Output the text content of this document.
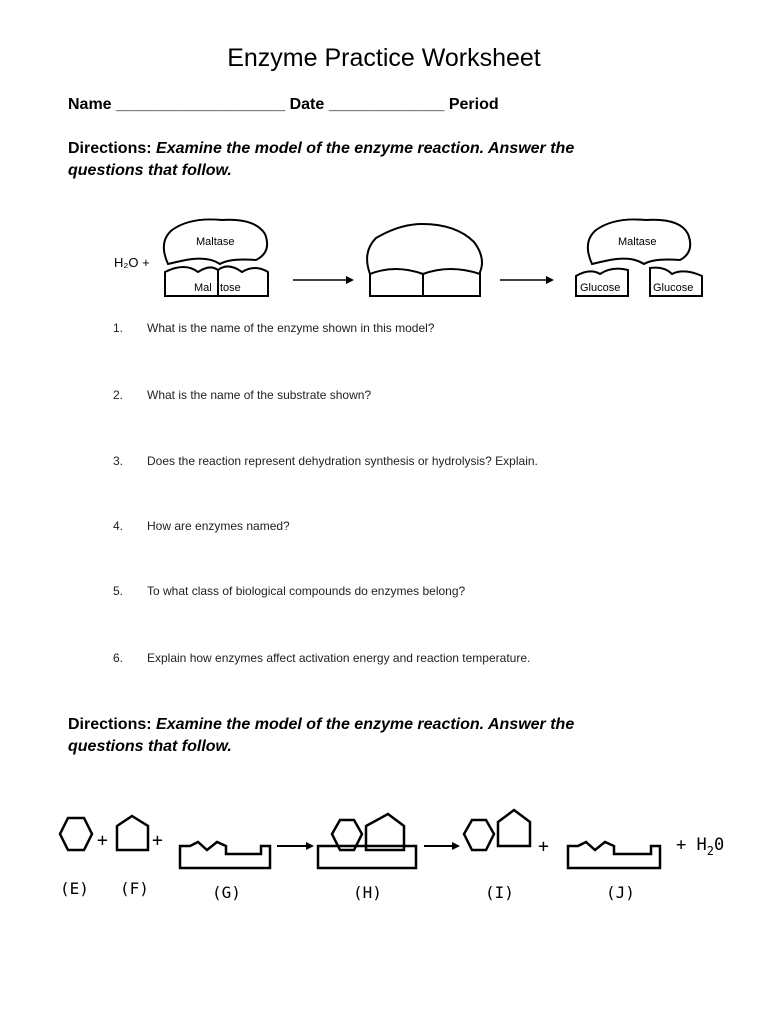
Enzyme Practice Worksheet
Name ___________________ Date _____________ Period
Directions: Examine the model of the enzyme reaction. Answer the questions that follow.
H₂O +
Maltase
Mal tose
Maltase
Glucose	Glucose
1. What is the name of the enzyme shown in this model?
2. What is the name of the substrate shown?
3. Does the reaction represent dehydration synthesis or hydrolysis? Explain.
4. How are enzymes named?
5. To what class of biological compounds do enzymes belong?
6. Explain how enzymes affect activation energy and reaction temperature.
Directions: Examine the model of the enzyme reaction. Answer the questions that follow.
+ +	+	+ $H_20$
(E) (F)	(G)	(H)	(I)	(J)
